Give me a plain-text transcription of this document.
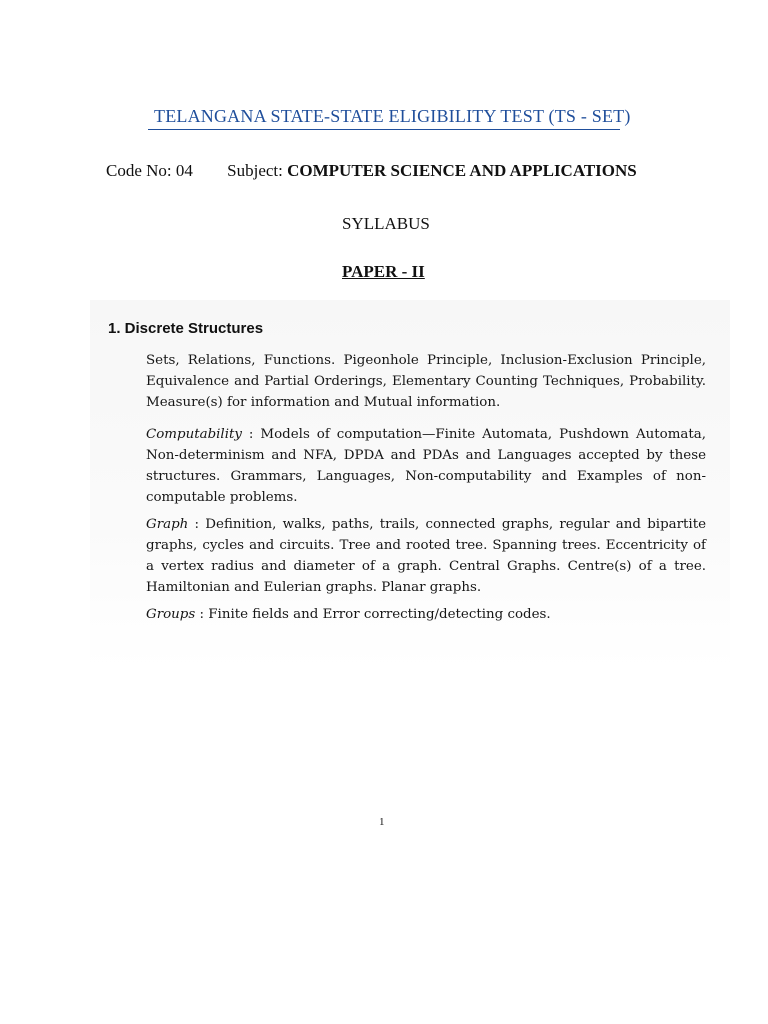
TELANGANA STATE-STATE ELIGIBILITY TEST (TS - SET)
Code No: 04 Subject: COMPUTER SCIENCE AND APPLICATIONS
SYLLABUS
PAPER - II
1. Discrete Structures
Sets, Relations, Functions. Pigeonhole Principle, Inclusion-Exclusion Principle, Equivalence and Partial Orderings, Elementary Counting Techniques, Probability. Measure(s) for information and Mutual information.
Computability : Models of computation—Finite Automata, Pushdown Automata, Non-determinism and NFA, DPDA and PDAs and Languages accepted by these structures. Grammars, Languages, Non-computability and Examples of non-computable problems.
Graph : Definition, walks, paths, trails, connected graphs, regular and bipartite graphs, cycles and circuits. Tree and rooted tree. Spanning trees. Eccentricity of a vertex radius and diameter of a graph. Central Graphs. Centre(s) of a tree. Hamiltonian and Eulerian graphs. Planar graphs.
Groups : Finite fields and Error correcting/detecting codes.
1
